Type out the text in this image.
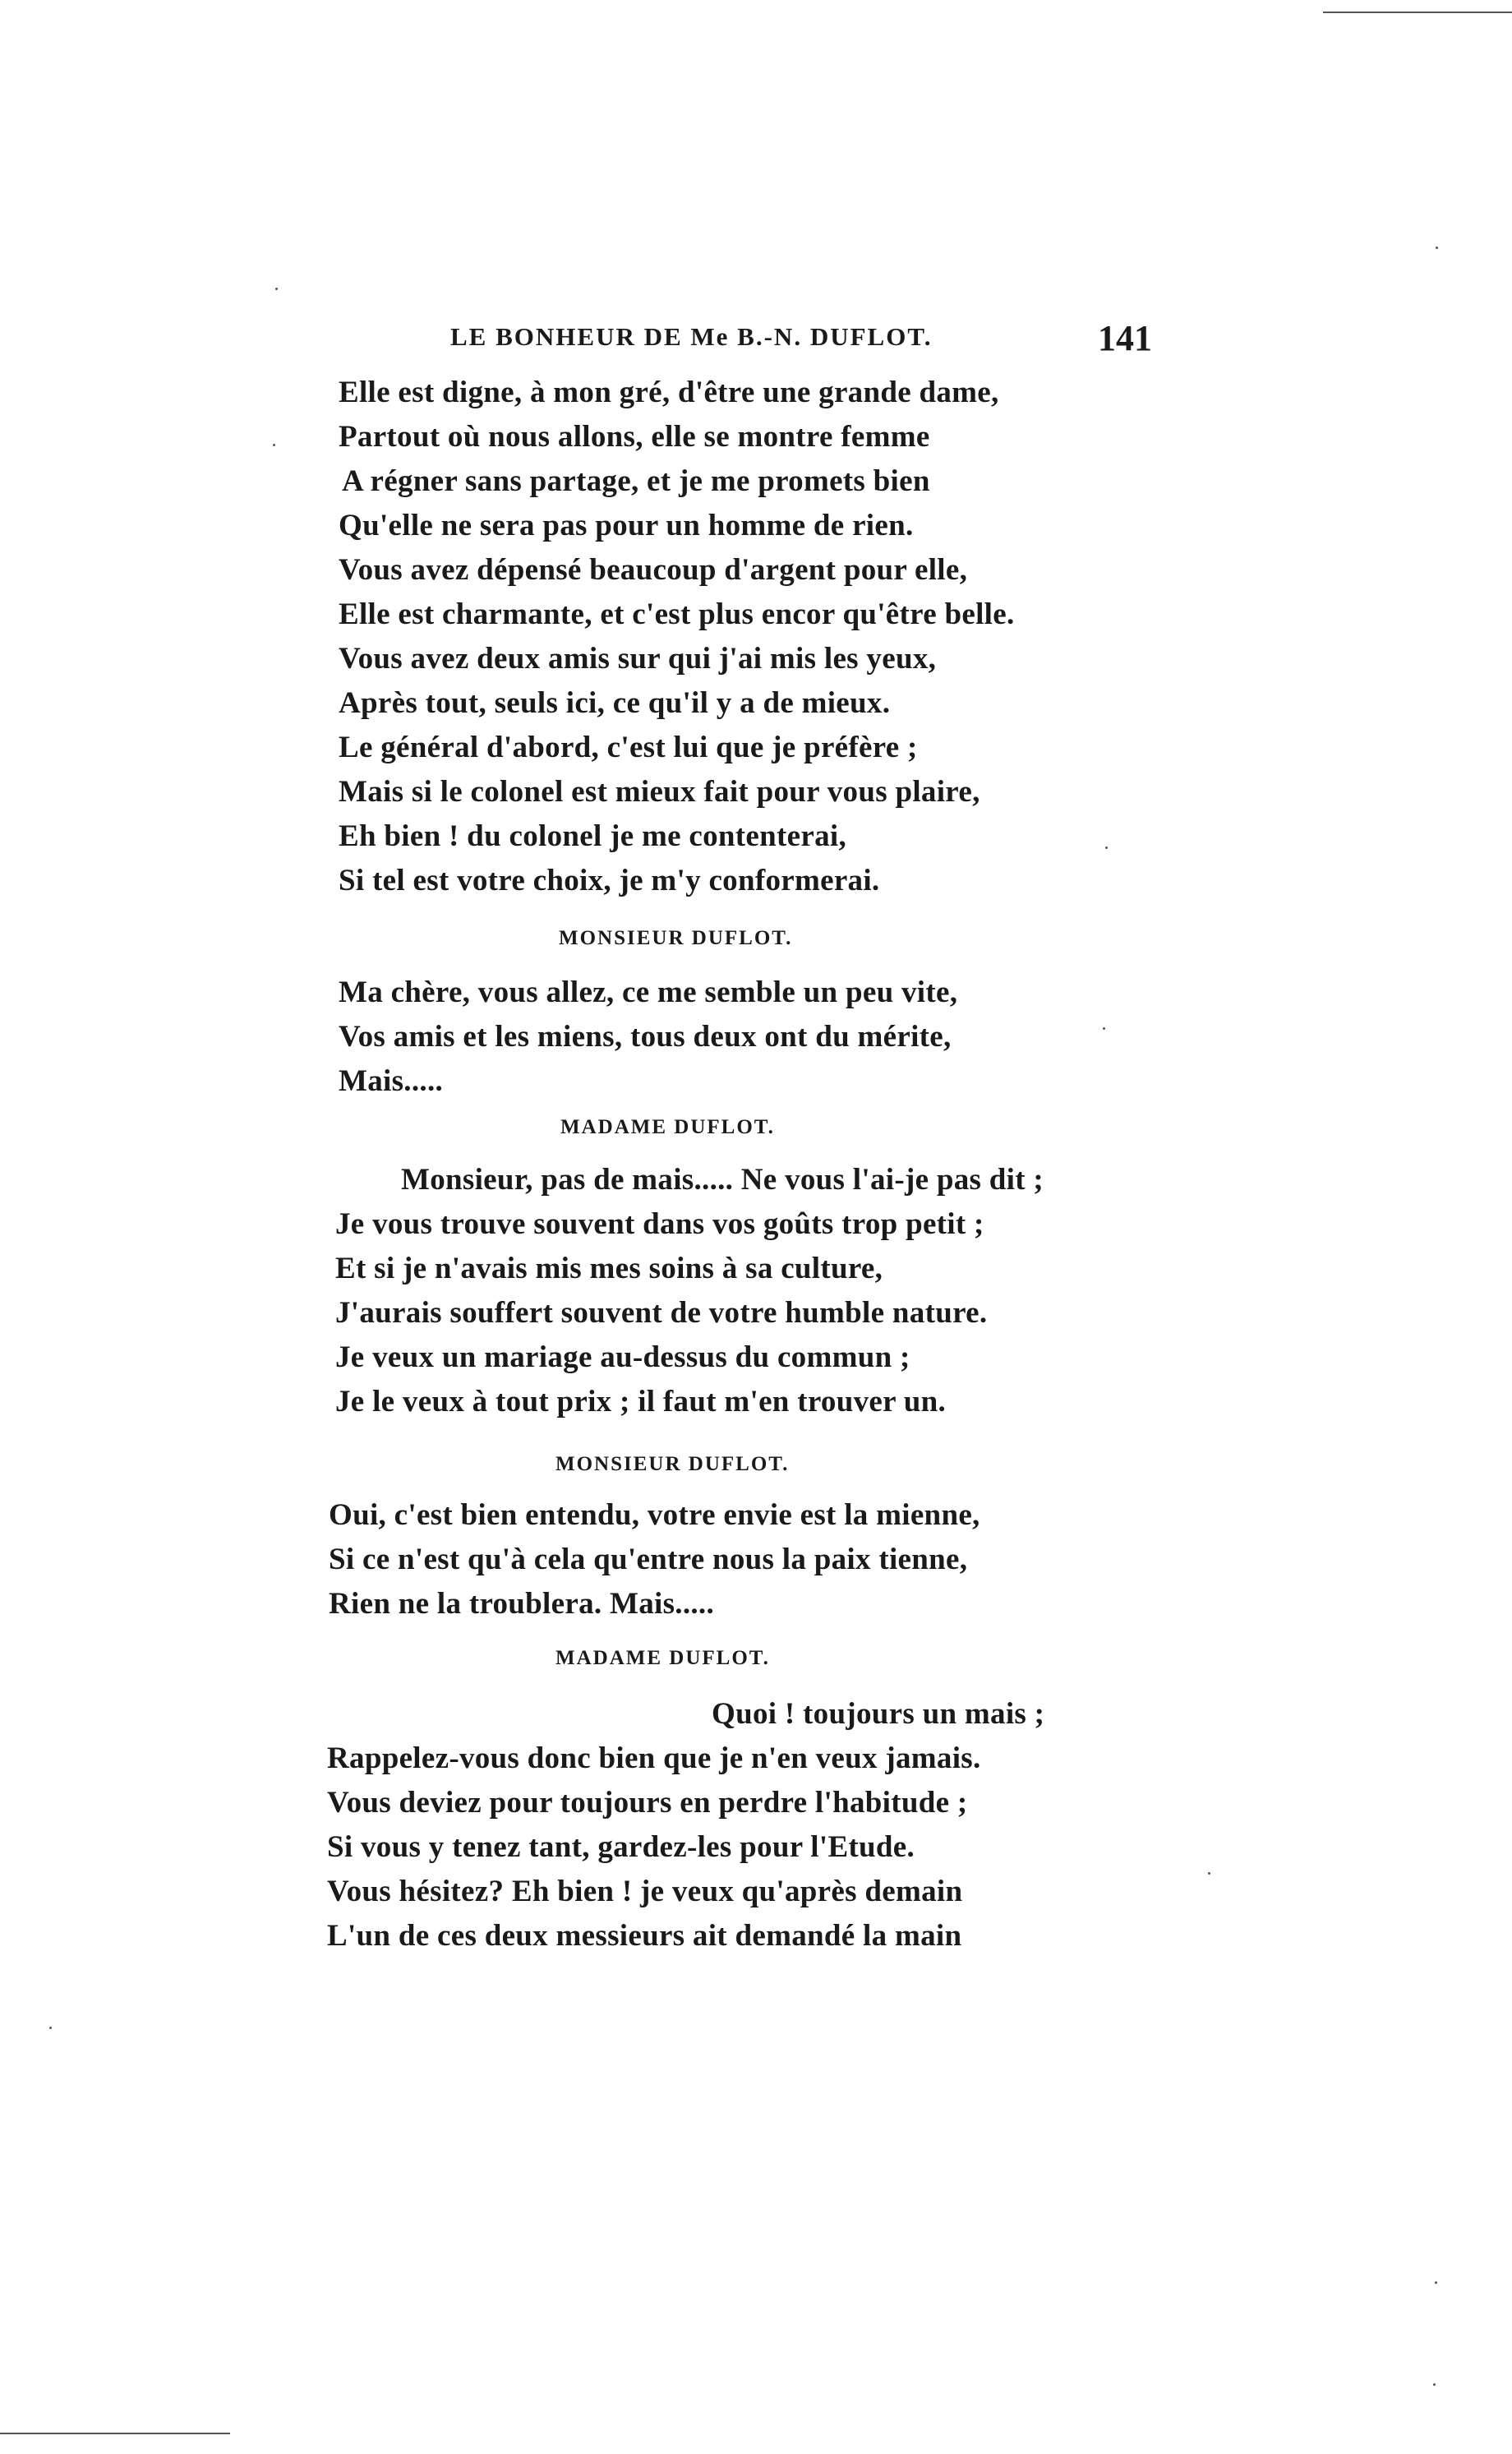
LE BONHEUR DE Me B.-N. DUFLOT.	141
Elle est digne, à mon gré, d'être une grande dame,
Partout où nous allons, elle se montre femme
A régner sans partage, et je me promets bien
Qu'elle ne sera pas pour un homme de rien.
Vous avez dépensé beaucoup d'argent pour elle,
Elle est charmante, et c'est plus encor qu'être belle.
Vous avez deux amis sur qui j'ai mis les yeux,
Après tout, seuls ici, ce qu'il y a de mieux.
Le général d'abord, c'est lui que je préfère ;
Mais si le colonel est mieux fait pour vous plaire,
Eh bien ! du colonel je me contenterai,
Si tel est votre choix, je m'y conformerai.
MONSIEUR DUFLOT.
Ma chère, vous allez, ce me semble un peu vite,
Vos amis et les miens, tous deux ont du mérite,
Mais.....
MADAME DUFLOT.
Monsieur, pas de mais..... Ne vous l'ai-je pas dit ;
Je vous trouve souvent dans vos goûts trop petit ;
Et si je n'avais mis mes soins à sa culture,
J'aurais souffert souvent de votre humble nature.
Je veux un mariage au-dessus du commun ;
Je le veux à tout prix ; il faut m'en trouver un.
MONSIEUR DUFLOT.
Oui, c'est bien entendu, votre envie est la mienne,
Si ce n'est qu'à cela qu'entre nous la paix tienne,
Rien ne la troublera. Mais.....
MADAME DUFLOT.
Quoi ! toujours un mais ;
Rappelez-vous donc bien que je n'en veux jamais.
Vous deviez pour toujours en perdre l'habitude ;
Si vous y tenez tant, gardez-les pour l'Etude.
Vous hésitez? Eh bien ! je veux qu'après demain
L'un de ces deux messieurs ait demandé la main
